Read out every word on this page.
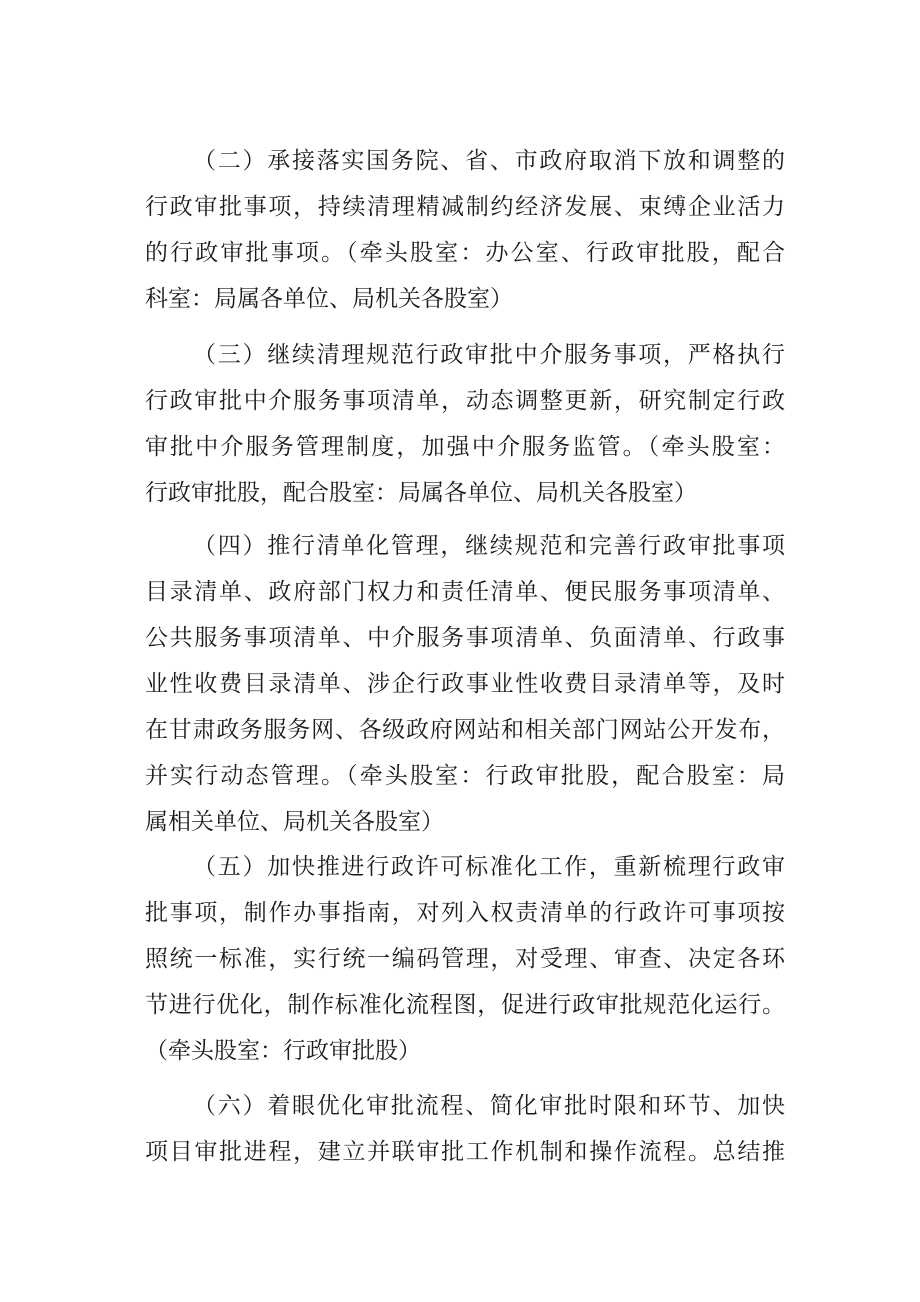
（二）承接落实国务院、省、市政府取消下放和调整的
行政审批事项，持续清理精减制约经济发展、束缚企业活力
的行政审批事项。（牵头股室：办公室、行政审批股，配合
科室：局属各单位、局机关各股室）
（三）继续清理规范行政审批中介服务事项，严格执行
行政审批中介服务事项清单，动态调整更新，研究制定行政
审批中介服务管理制度，加强中介服务监管。（牵头股室：
行政审批股，配合股室：局属各单位、局机关各股室）
（四）推行清单化管理，继续规范和完善行政审批事项
目录清单、政府部门权力和责任清单、便民服务事项清单、
公共服务事项清单、中介服务事项清单、负面清单、行政事
业性收费目录清单、涉企行政事业性收费目录清单等，及时
在甘肃政务服务网、各级政府网站和相关部门网站公开发布，
并实行动态管理。（牵头股室：行政审批股，配合股室：局
属相关单位、局机关各股室）
（五）加快推进行政许可标准化工作，重新梳理行政审
批事项，制作办事指南，对列入权责清单的行政许可事项按
照统一标准，实行统一编码管理，对受理、审查、决定各环
节进行优化，制作标准化流程图，促进行政审批规范化运行。
（牵头股室：行政审批股）
（六）着眼优化审批流程、简化审批时限和环节、加快
项目审批进程，建立并联审批工作机制和操作流程。总结推
